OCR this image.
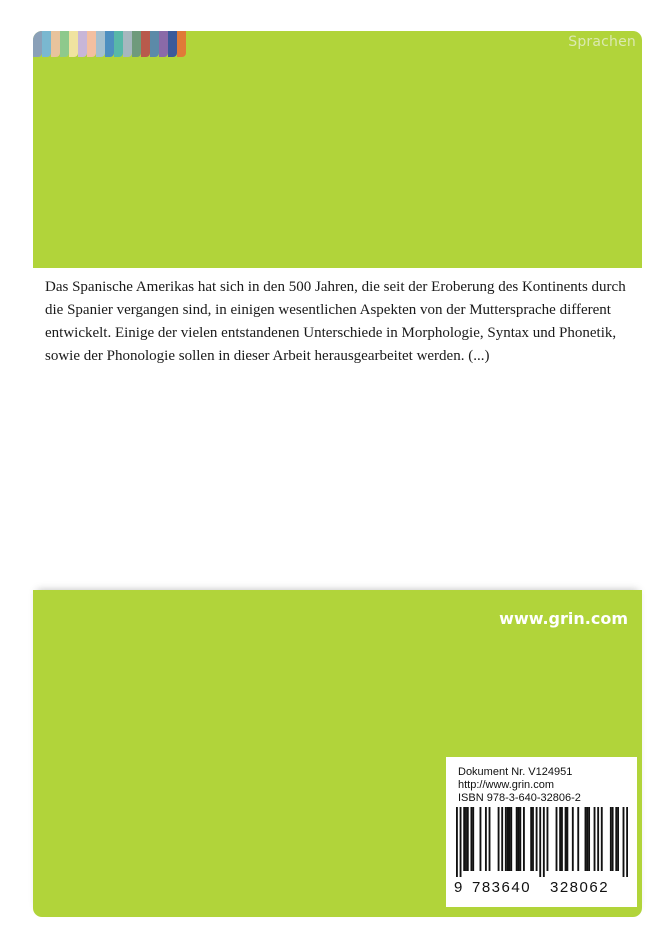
Sprachen

Das Spanische Amerikas hat sich in den 500 Jahren, die seit der Eroberung des Kontinents durch die Spanier vergangen sind, in einigen wesentlichen Aspekten von der Muttersprache different entwickelt. Einige der vielen entstandenen Unterschiede in Morphologie, Syntax und Phonetik, sowie der Phonologie sollen in dieser Arbeit herausgearbeitet werden. (...)

www.grin.com
Dokument Nr. V124951
http://www.grin.com
ISBN 978-3-640-32806-2
9 783640	328062
